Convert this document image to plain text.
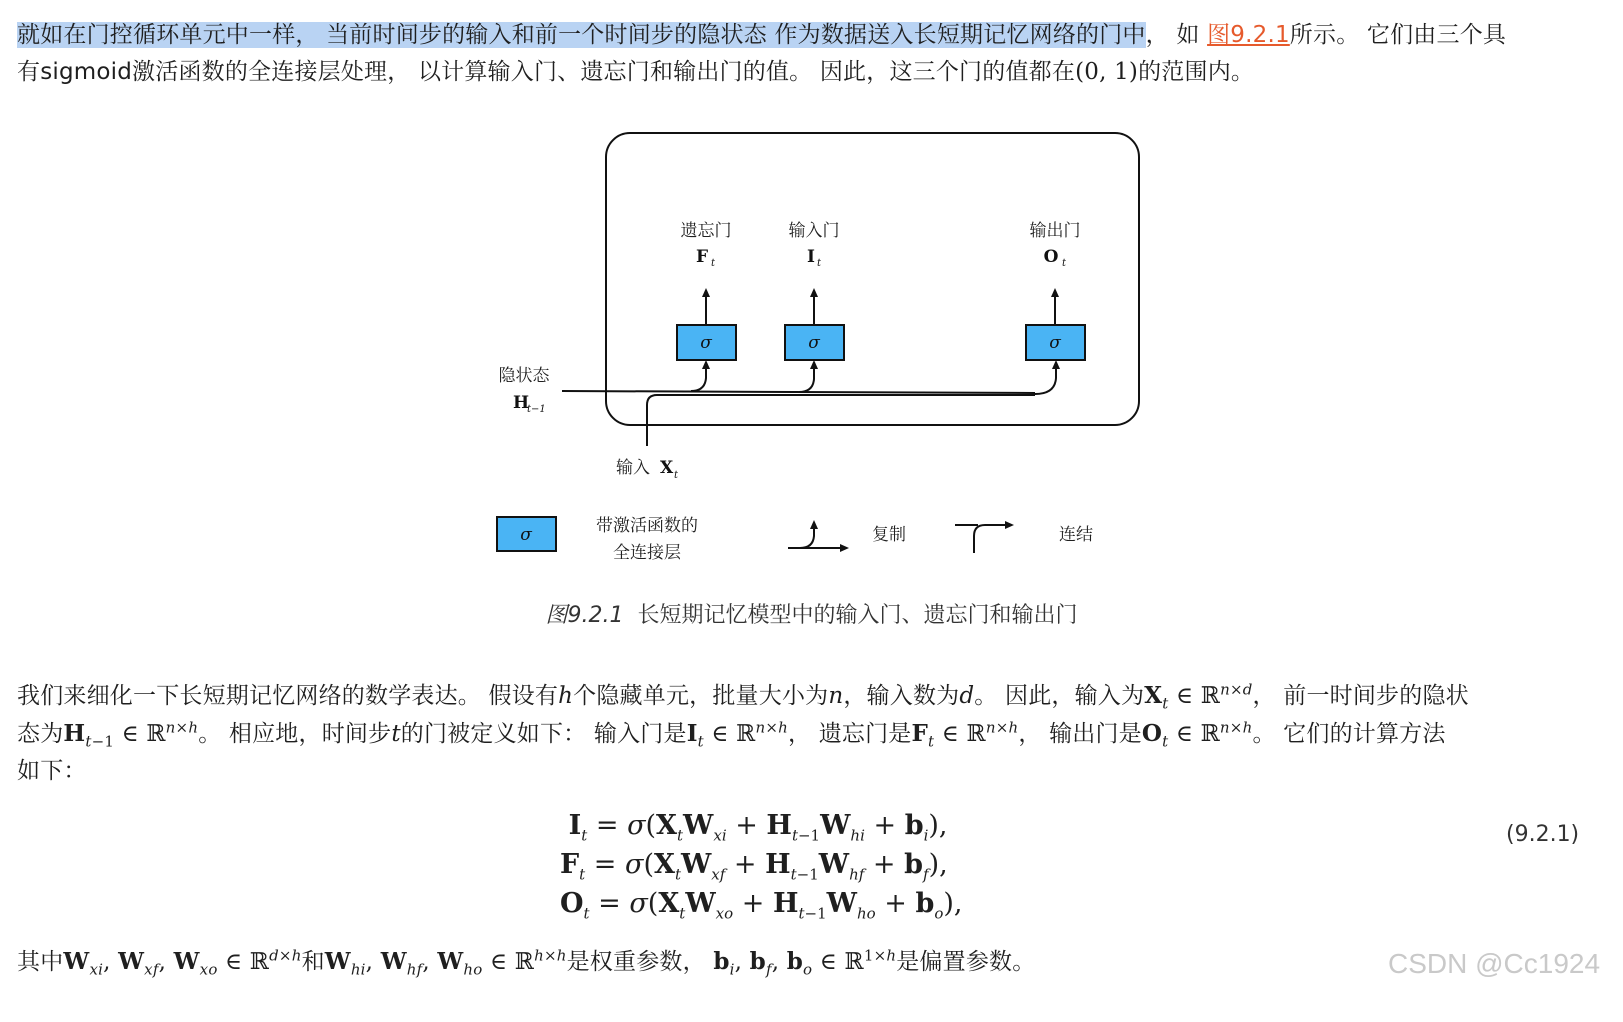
就如在门控循环单元中一样， 当前时间步的输入和前一个时间步的隐状态 作为数据送入长短期记忆网络的门中， 如 图9.2.1所示。 它们由三个具
有sigmoid激活函数的全连接层处理， 以计算输入门、遗忘门和输出门的值。 因此，这三个门的值都在(0, 1)的范围内。
σ	σ	σ
遗忘门
F t
输入门
I t
输出门
O t
隐状态
H
t−1
输入 X t
σ	带激活函数的
全连接层
复制	连结
图9.2.1 长短期记忆模型中的输入门、遗忘门和输出门
我们来细化一下长短期记忆网络的数学表达。 假设有h个隐藏单元，批量大小为n，输入数为d。 因此，输入为$X_t$ ∈ ℝ$^{n\times d}$， 前一时间步的隐状
态为$H_{t-1}$ ∈ ℝ$^{n\times h}$。 相应地，时间步t的门被定义如下： 输入门是$I_t$ ∈ ℝ$^{n\times h}$， 遗忘门是$F_t$ ∈ ℝ$^{n\times h}$， 输出门是$O_t$ ∈ ℝ$^{n\times h}$。 它们的计算方法
如下：
$I_t = \sigma(X_tW_{xi} + H_{t-1}W_{hi} + b_i)$,
$F_t = \sigma(X_tW_{xf} + H_{t-1}W_{hf} + b_f)$,
$O_t = \sigma(X_tW_{xo} + H_{t-1}W_{ho} + b_o)$,
(9.2.1)
其中$W_{xi}$, $W_{xf}$, $W_{xo}$ ∈ ℝ$^{d\times h}$和$W_{hi}$, $W_{hf}$, $W_{ho}$ ∈ ℝ$^{h\times h}$是权重参数， $b_i$, $b_f$, $b_o$ ∈ ℝ$^{1\times h}$是偏置参数。	CSDN @Cc1924
